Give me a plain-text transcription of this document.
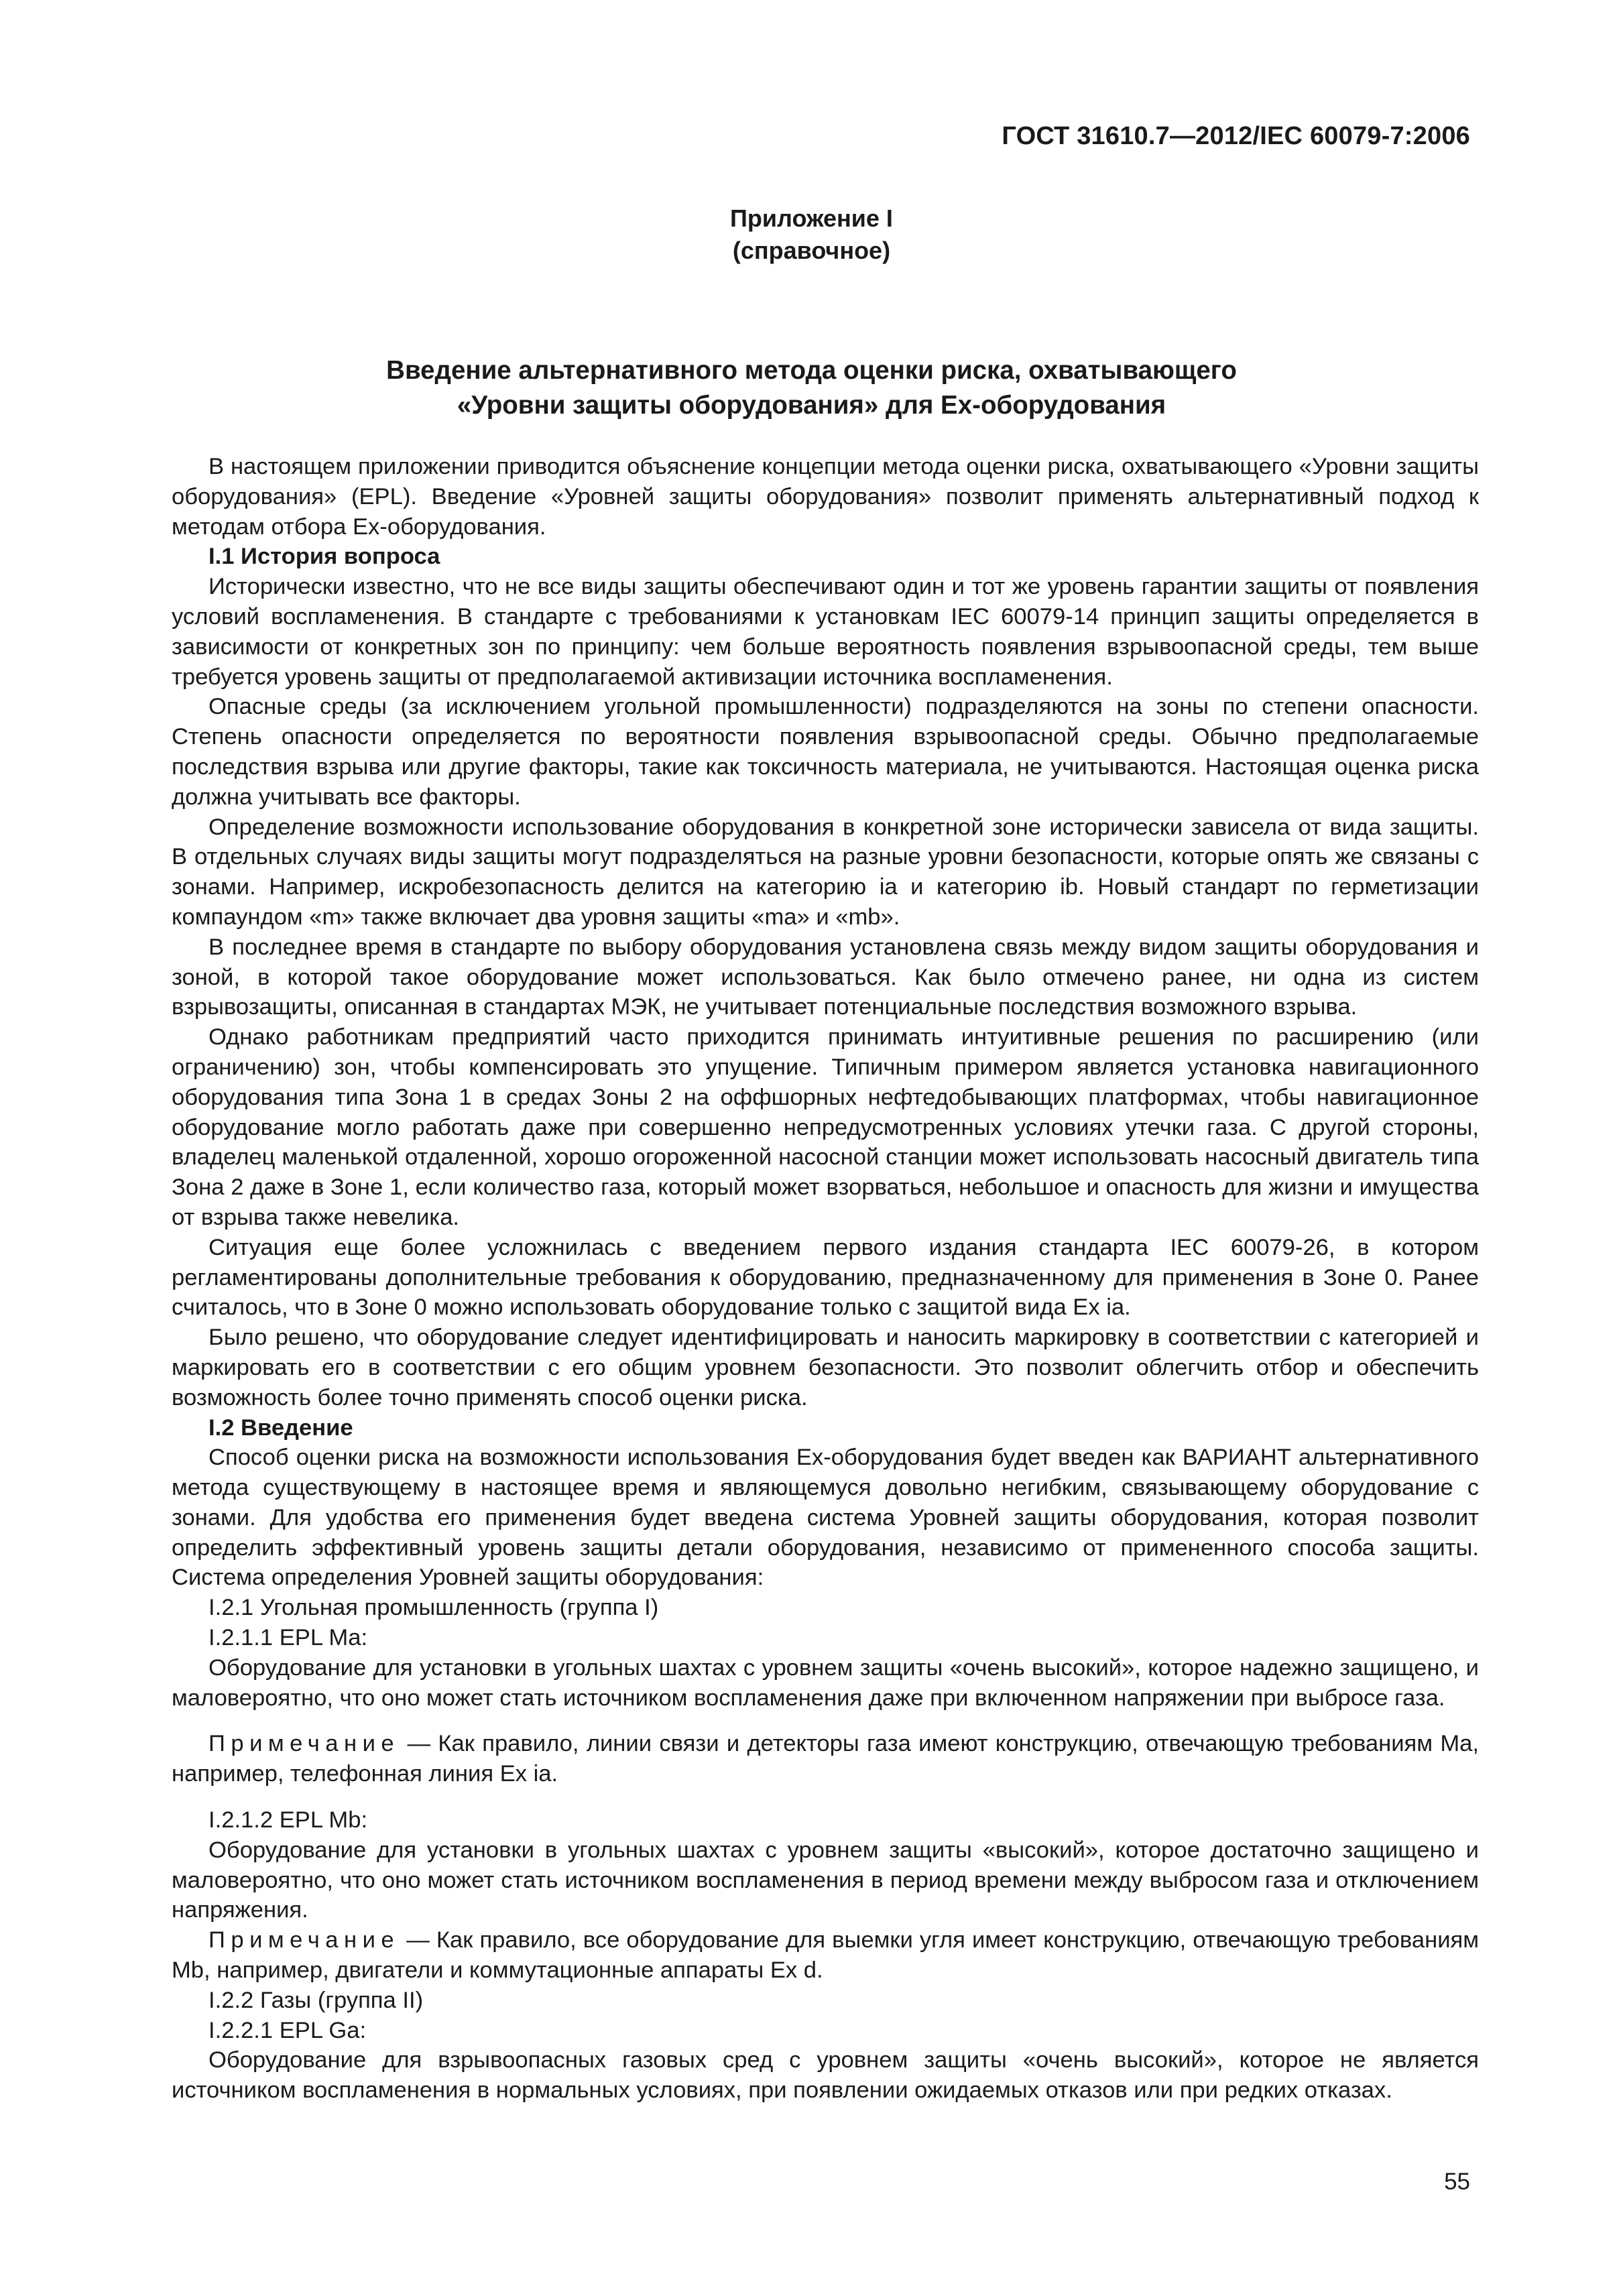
ГОСТ 31610.7—2012/IEC 60079-7:2006
Приложение I
(справочное)
Введение альтернативного метода оценки риска, охватывающего
«Уровни защиты оборудования» для Ex-оборудования

В настоящем приложении приводится объяснение концепции метода оценки риска, охватывающего «Уровни защиты оборудования» (EPL). Введение «Уровней защиты оборудования» позволит применять альтернативный подход к методам отбора Ex-оборудования.

I.1 История вопроса

Исторически известно, что не все виды защиты обеспечивают один и тот же уровень гарантии защиты от появления условий воспламенения. В стандарте с требованиями к установкам IEC 60079-14 принцип защиты определяется в зависимости от конкретных зон по принципу: чем больше вероятность появления взрывоопасной среды, тем выше требуется уровень защиты от предполагаемой активизации источника воспламенения.

Опасные среды (за исключением угольной промышленности) подразделяются на зоны по степени опасности. Степень опасности определяется по вероятности появления взрывоопасной среды. Обычно предполагаемые последствия взрыва или другие факторы, такие как токсичность материала, не учитываются. Настоящая оценка риска должна учитывать все факторы.

Определение возможности использование оборудования в конкретной зоне исторически зависела от вида защиты. В отдельных случаях виды защиты могут подразделяться на разные уровни безопасности, которые опять же связаны с зонами. Например, искробезопасность делится на категорию ia и категорию ib. Новый стандарт по герметизации компаундом «m» также включает два уровня защиты «ma» и «mb».

В последнее время в стандарте по выбору оборудования установлена связь между видом защиты оборудования и зоной, в которой такое оборудование может использоваться. Как было отмечено ранее, ни одна из систем взрывозащиты, описанная в стандартах МЭК, не учитывает потенциальные последствия возможного взрыва.

Однако работникам предприятий часто приходится принимать интуитивные решения по расширению (или ограничению) зон, чтобы компенсировать это упущение. Типичным примером является установка навигационного оборудования типа Зона 1 в средах Зоны 2 на оффшорных нефтедобывающих платформах, чтобы навигационное оборудование могло работать даже при совершенно непредусмотренных условиях утечки газа. С другой стороны, владелец маленькой отдаленной, хорошо огороженной насосной станции может использовать насосный двигатель типа Зона 2 даже в Зоне 1, если количество газа, который может взорваться, небольшое и опасность для жизни и имущества от взрыва также невелика.

Ситуация еще более усложнилась с введением первого издания стандарта IEC 60079-26, в котором регламентированы дополнительные требования к оборудованию, предназначенному для применения в Зоне 0. Ранее считалось, что в Зоне 0 можно использовать оборудование только с защитой вида Ex ia.

Было решено, что оборудование следует идентифицировать и наносить маркировку в соответствии с категорией и маркировать его в соответствии с его общим уровнем безопасности. Это позволит облегчить отбор и обеспечить возможность более точно применять способ оценки риска.

I.2 Введение

Способ оценки риска на возможности использования Ex-оборудования будет введен как ВАРИАНТ альтернативного метода существующему в настоящее время и являющемуся довольно негибким, связывающему оборудование с зонами. Для удобства его применения будет введена система Уровней защиты оборудования, которая позволит определить эффективный уровень защиты детали оборудования, независимо от примененного способа защиты. Система определения Уровней защиты оборудования:

I.2.1 Угольная промышленность (группа I)

I.2.1.1 EPL Ma:

Оборудование для установки в угольных шахтах с уровнем защиты «очень высокий», которое надежно защищено, и маловероятно, что оно может стать источником воспламенения даже при включенном напряжении при выбросе газа.

Примечание — Как правило, линии связи и детекторы газа имеют конструкцию, отвечающую требованиям Ma, например, телефонная линия Ex ia.

I.2.1.2 EPL Mb:

Оборудование для установки в угольных шахтах с уровнем защиты «высокий», которое достаточно защищено и маловероятно, что оно может стать источником воспламенения в период времени между выбросом газа и отключением напряжения.

Примечание — Как правило, все оборудование для выемки угля имеет конструкцию, отвечающую требованиям Mb, например, двигатели и коммутационные аппараты Ex d.

I.2.2 Газы (группа II)

I.2.2.1 EPL Ga:

Оборудование для взрывоопасных газовых сред с уровнем защиты «очень высокий», которое не является источником воспламенения в нормальных условиях, при появлении ожидаемых отказов или при редких отказах.

55
